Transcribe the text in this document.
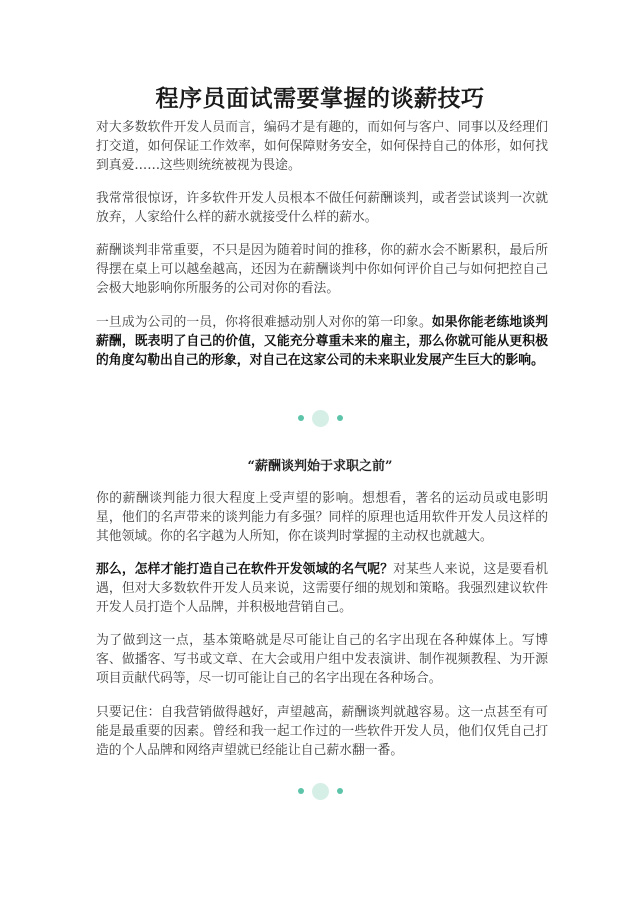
程序员面试需要掌握的谈薪技巧

对大多数软件开发人员而言，编码才是有趣的，而如何与客户、同事以及经理们打交道，如何保证工作效率，如何保障财务安全，如何保持自己的体形，如何找到真爱……这些则统统被视为畏途。

我常常很惊讶，许多软件开发人员根本不做任何薪酬谈判，或者尝试谈判一次就放弃，人家给什么样的薪水就接受什么样的薪水。

薪酬谈判非常重要，不只是因为随着时间的推移，你的薪水会不断累积，最后所得摆在桌上可以越垒越高，还因为在薪酬谈判中你如何评价自己与如何把控自己会极大地影响你所服务的公司对你的看法。

一旦成为公司的一员，你将很难撼动别人对你的第一印象。如果你能老练地谈判薪酬，既表明了自己的价值，又能充分尊重未来的雇主，那么你就可能从更积极的角度勾勒出自己的形象，对自己在这家公司的未来职业发展产生巨大的影响。

“薪酬谈判始于求职之前”

你的薪酬谈判能力很大程度上受声望的影响。想想看，著名的运动员或电影明星，他们的名声带来的谈判能力有多强？同样的原理也适用软件开发人员这样的其他领域。你的名字越为人所知，你在谈判时掌握的主动权也就越大。

那么，怎样才能打造自己在软件开发领域的名气呢？对某些人来说，这是要看机遇，但对大多数软件开发人员来说，这需要仔细的规划和策略。我强烈建议软件开发人员打造个人品牌，并积极地营销自己。

为了做到这一点，基本策略就是尽可能让自己的名字出现在各种媒体上。写博客、做播客、写书或文章、在大会或用户组中发表演讲、制作视频教程、为开源项目贡献代码等，尽一切可能让自己的名字出现在各种场合。

只要记住：自我营销做得越好，声望越高，薪酬谈判就越容易。这一点甚至有可能是最重要的因素。曾经和我一起工作过的一些软件开发人员，他们仅凭自己打造的个人品牌和网络声望就已经能让自己薪水翻一番。
